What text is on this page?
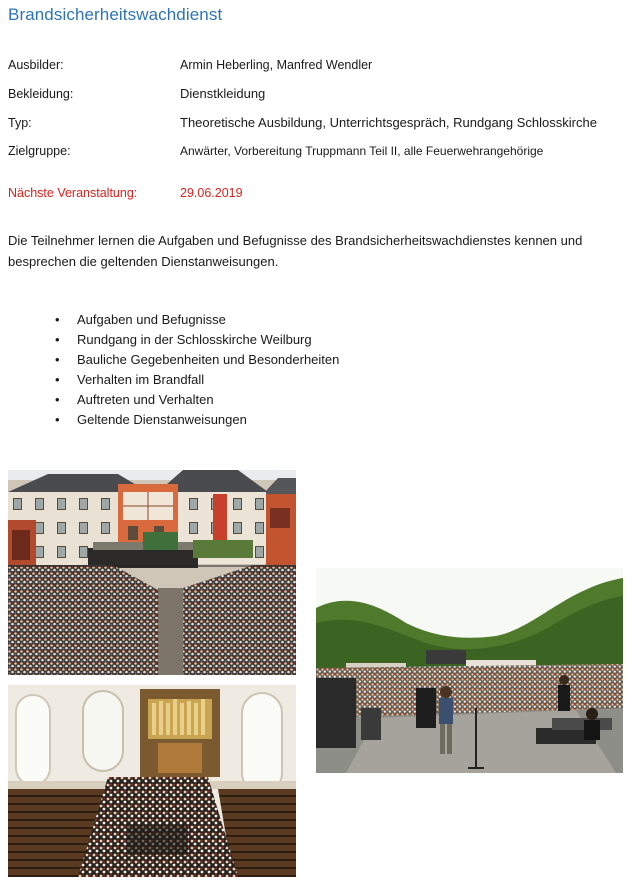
Brandsicherheitswachdienst
Ausbilder:	Armin Heberling, Manfred Wendler
Bekleidung:	Dienstkleidung
Typ:	Theoretische Ausbildung, Unterrichtsgespräch, Rundgang Schlosskirche
Zielgruppe:	Anwärter, Vorbereitung Truppmann Teil II, alle Feuerwehrangehörige
Nächste Veranstaltung:	29.06.2019
Die Teilnehmer lernen die Aufgaben und Befugnisse des Brandsicherheitswachdienstes kennen und besprechen die geltenden Dienstanweisungen.
• Aufgaben und Befugnisse
• Rundgang in der Schlosskirche Weilburg
• Bauliche Gegebenheiten und Besonderheiten
• Verhalten im Brandfall
• Auftreten und Verhalten
• Geltende Dienstanweisungen
